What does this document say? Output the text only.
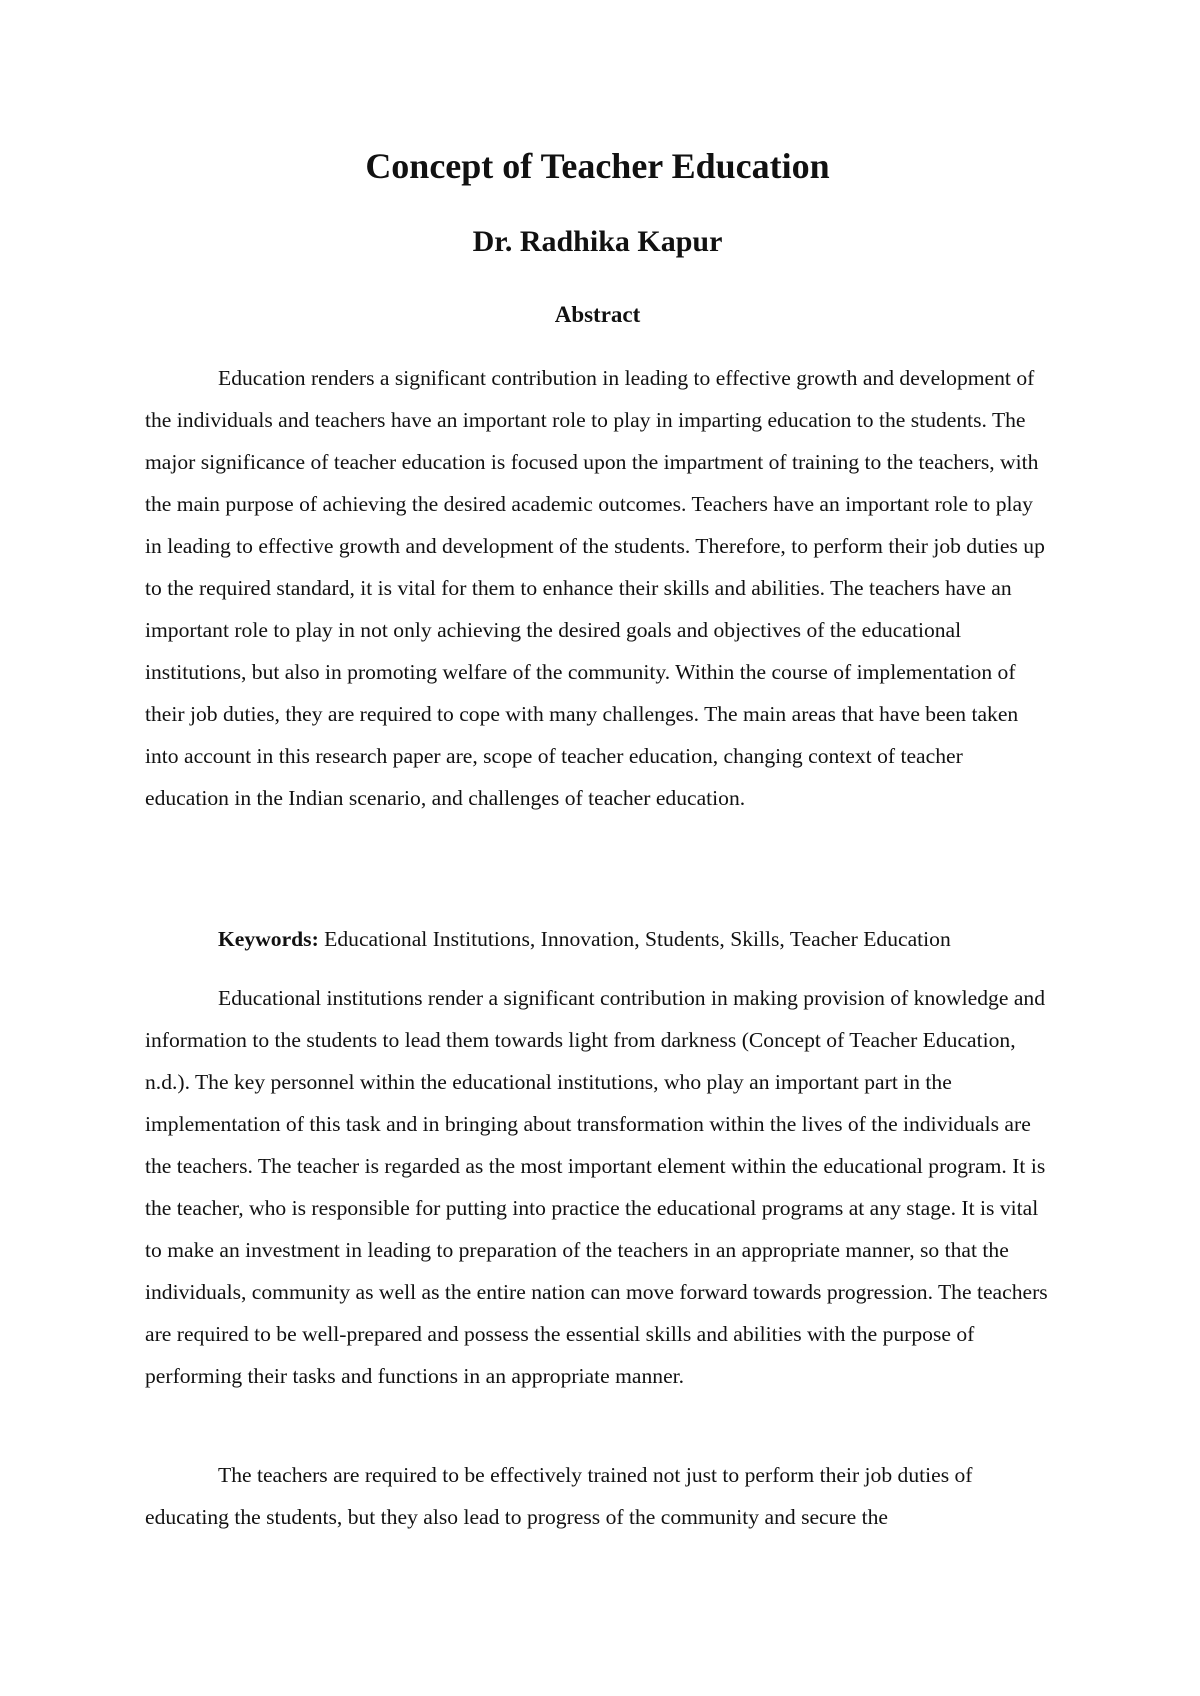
Concept of Teacher Education
Dr. Radhika Kapur
Abstract

Education renders a significant contribution in leading to effective growth and development of the individuals and teachers have an important role to play in imparting education to the students. The major significance of teacher education is focused upon the impartment of training to the teachers, with the main purpose of achieving the desired academic outcomes. Teachers have an important role to play in leading to effective growth and development of the students. Therefore, to perform their job duties up to the required standard, it is vital for them to enhance their skills and abilities. The teachers have an important role to play in not only achieving the desired goals and objectives of the educational institutions, but also in promoting welfare of the community. Within the course of implementation of their job duties, they are required to cope with many challenges. The main areas that have been taken into account in this research paper are, scope of teacher education, changing context of teacher education in the Indian scenario, and challenges of teacher education.

Keywords: Educational Institutions, Innovation, Students, Skills, Teacher Education

Educational institutions render a significant contribution in making provision of knowledge and information to the students to lead them towards light from darkness (Concept of Teacher Education, n.d.). The key personnel within the educational institutions, who play an important part in the implementation of this task and in bringing about transformation within the lives of the individuals are the teachers. The teacher is regarded as the most important element within the educational program. It is the teacher, who is responsible for putting into practice the educational programs at any stage. It is vital to make an investment in leading to preparation of the teachers in an appropriate manner, so that the individuals, community as well as the entire nation can move forward towards progression. The teachers are required to be well-prepared and possess the essential skills and abilities with the purpose of performing their tasks and functions in an appropriate manner.

The teachers are required to be effectively trained not just to perform their job duties of educating the students, but they also lead to progress of the community and secure the
